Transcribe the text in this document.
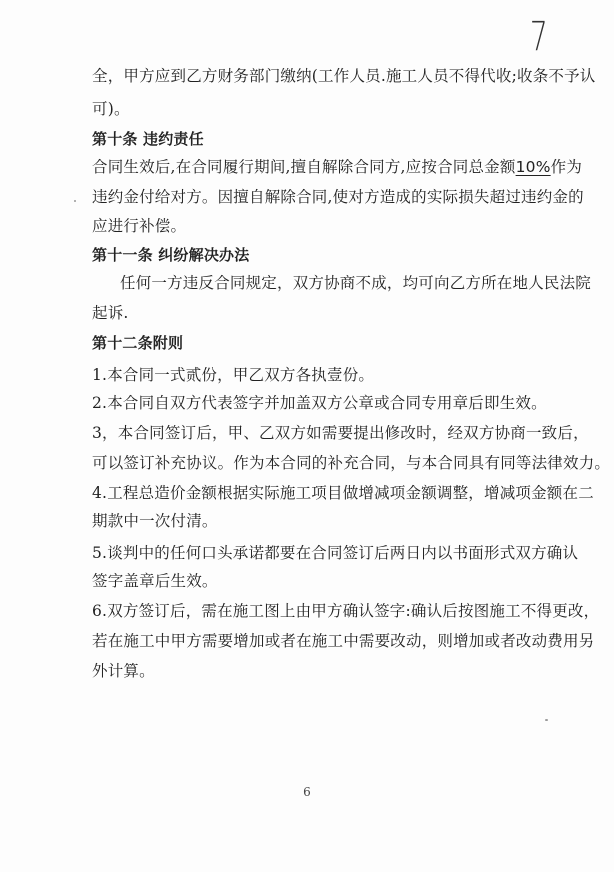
7
全，甲方应到乙方财务部门缴纳(工作人员.施工人员不得代收;收条不予认
可)。
第十条 违约责任
合同生效后,在合同履行期间,擅自解除合同方,应按合同总金额10%作为
违约金付给对方。因擅自解除合同,使对方造成的实际损失超过违约金的
应进行补偿。
第十一条 纠纷解决办法
任何一方违反合同规定，双方协商不成，均可向乙方所在地人民法院
起诉.
第十二条附则
1.本合同一式贰份，甲乙双方各执壹份。
2.本合同自双方代表签字并加盖双方公章或合同专用章后即生效。
3，本合同签订后，甲、乙双方如需要提出修改时，经双方协商一致后，
可以签订补充协议。作为本合同的补充合同，与本合同具有同等法律效力。
4.工程总造价金额根据实际施工项目做增减项金额调整，增减项金额在二
期款中一次付清。
5.谈判中的任何口头承诺都要在合同签订后两日内以书面形式双方确认
签字盖章后生效。
6.双方签订后，需在施工图上由甲方确认签字:确认后按图施工不得更改，
若在施工中甲方需要增加或者在施工中需要改动，则增加或者改动费用另
外计算。
6
